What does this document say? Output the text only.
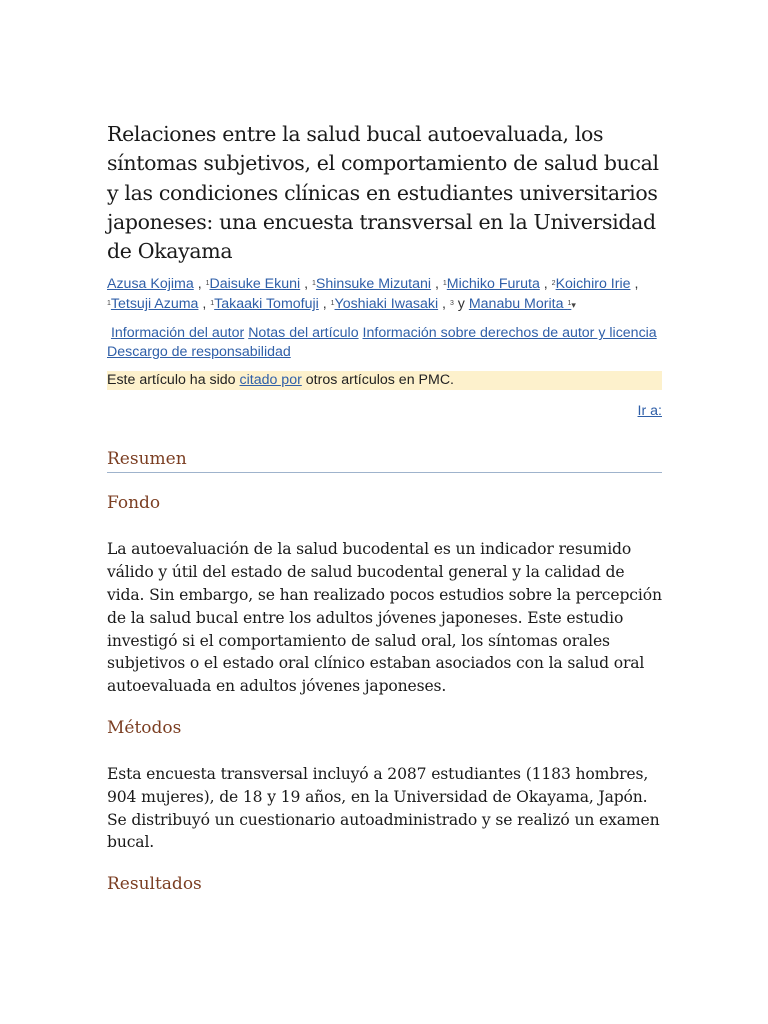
Relaciones entre la salud bucal autoevaluada, los síntomas subjetivos, el comportamiento de salud bucal y las condiciones clínicas en estudiantes universitarios japoneses: una encuesta transversal en la Universidad de Okayama
Azusa Kojima , $^1$Daisuke Ekuni , $^1$Shinsuke Mizutani , $^1$Michiko Furuta , $^2$Koichiro Irie , $^1$Tetsuji Azuma , $^1$Takaaki Tomofuji , $^1$Yoshiaki Iwasaki , $^3$ y Manabu Morita $^1$▾
Información del autor Notas del artículo Información sobre derechos de autor y licencia Descargo de responsabilidad
Este artículo ha sido citado por otros artículos en PMC.
Ir a:
Resumen
Fondo

La autoevaluación de la salud bucodental es un indicador resumido válido y útil del estado de salud bucodental general y la calidad de vida. Sin embargo, se han realizado pocos estudios sobre la percepción de la salud bucal entre los adultos jóvenes japoneses. Este estudio investigó si el comportamiento de salud oral, los síntomas orales subjetivos o el estado oral clínico estaban asociados con la salud oral autoevaluada en adultos jóvenes japoneses.

Métodos

Esta encuesta transversal incluyó a 2087 estudiantes (1183 hombres, 904 mujeres), de 18 y 19 años, en la Universidad de Okayama, Japón. Se distribuyó un cuestionario autoadministrado y se realizó un examen bucal.

Resultados
